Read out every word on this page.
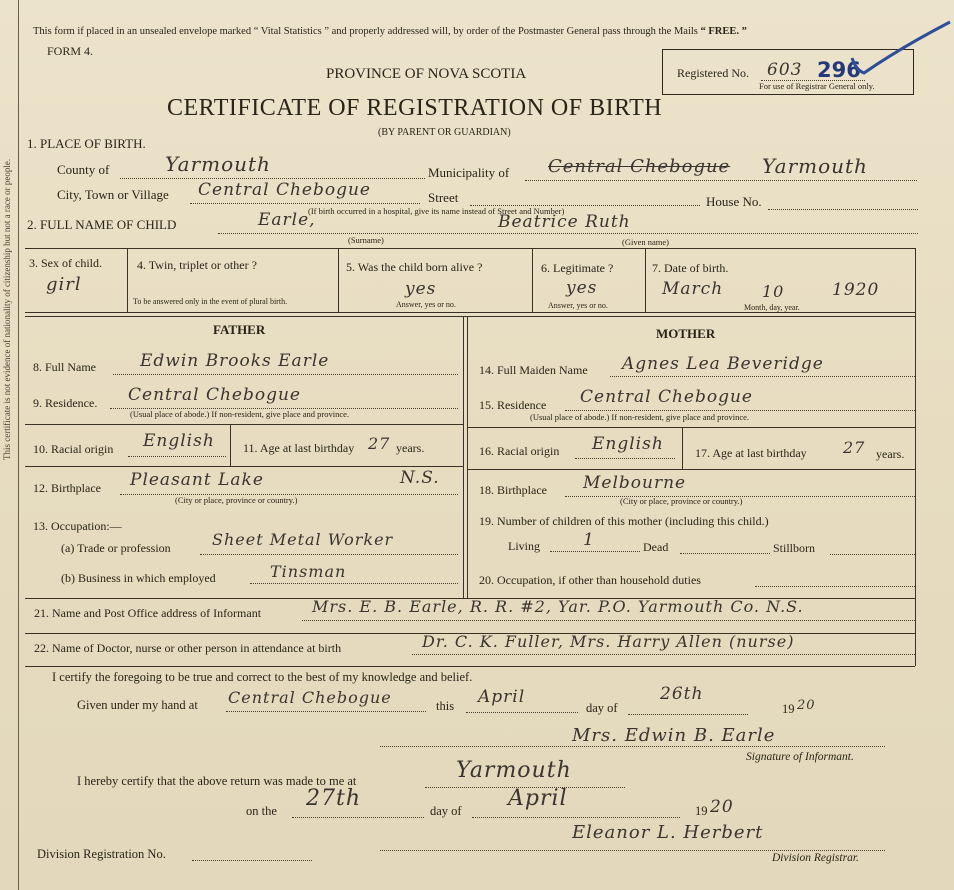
This certificate is not evidence of nationality of citizenship but not a race or people.
This form if placed in an unsealed envelope marked “ Vital Statistics ” and properly addressed will, by order of the Postmaster General pass through the Mails “ FREE. ”
FORM 4.
PROVINCE OF NOVA SCOTIA
CERTIFICATE OF REGISTRATION OF BIRTH
(BY PARENT OR GUARDIAN)
Registered No. 603 296
For use of Registrar General only.
1. PLACE OF BIRTH.
County of	Yarmouth	Municipality of Central Chebogue Yarmouth
City, Town or Village Central Chebogue	Street
(If birth occurred in a hospital, give its name instead of Street and Number)
House No.
2. FULL NAME OF CHILD	Earle,	Beatrice Ruth
(Surname)	(Given name)
3. Sex of child.
girl
4. Twin, triplet or other ?
To be answered only in the event of plural birth.
5. Was the child born alive ?
yes
Answer, yes or no.
6. Legitimate ?
yes
Answer, yes or no.
7. Date of birth.
March 10	1920
Month, day, year.
FATHER
8. Full Name	Edwin Brooks Earle
9. Residence. Central Chebogue
(Usual place of abode.) If non-resident, give place and province.
10. Racial origin English 11. Age at last birthday 27 years.
12. Birthplace Pleasant Lake	N.S.
(City or place, province or country.)
13. Occupation:—
(a) Trade or profession	Sheet Metal Worker
(b) Business in which employed	Tinsman
MOTHER
14. Full Maiden Name Agnes Lea Beveridge
15. Residence Central Chebogue
(Usual place of abode.) If non-resident, give place and province.
16. Racial origin English	17. Age at last birthday 27 years.
18. Birthplace Melbourne
(City or place, province or country.)
19. Number of children of this mother (including this child.)
Living	1	Dead	Stillborn
20. Occupation, if other than household duties
21. Name and Post Office address of Informant	Mrs. E. B. Earle, R. R. #2, Yar. P.O. Yarmouth Co. N.S.
22. Name of Doctor, nurse or other person in attendance at birth	Dr. C. K. Fuller, Mrs. Harry Allen (nurse)
I certify the foregoing to be true and correct to the best of my knowledge and belief.
Given under my hand at Central Chebogue	this April
day of
26th
19 20
Mrs. Edwin B. Earle
Signature of Informant.
I hereby certify that the above return was made to me at	Yarmouth
on the 27th	day of April	19 20
Eleanor L. Herbert
Division Registration No.	Division Registrar.
